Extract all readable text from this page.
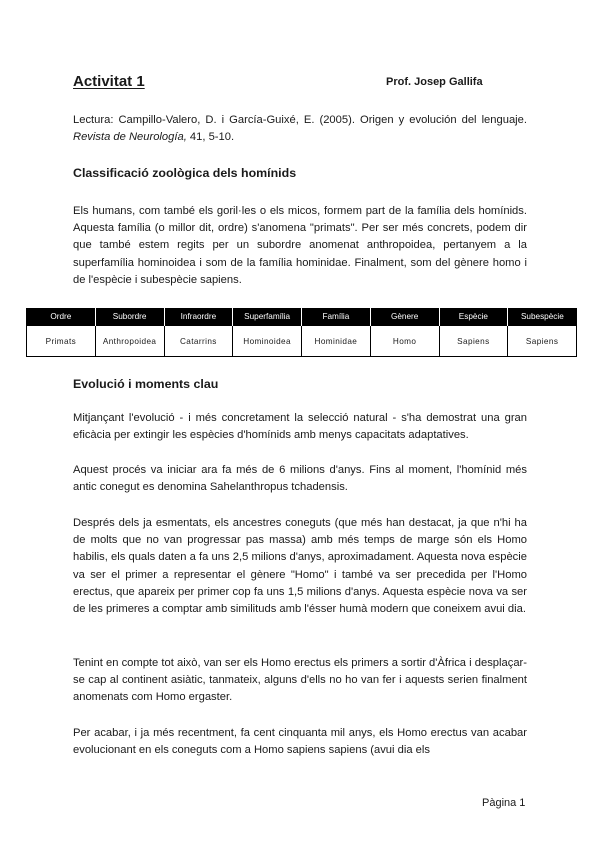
Activitat 1	Prof. Josep Gallifa

Lectura: Campillo-Valero, D. i García-Guixé, E. (2005). Origen y evolución del lenguaje. Revista de Neurología, 41, 5-10.

Classificació zoològica dels homínids

Els humans, com també els goril·les o els micos, formem part de la família dels homínids. Aquesta família (o millor dit, ordre) s'anomena "primats". Per ser més concrets, podem dir que també estem regits per un subordre anomenat anthropoidea, pertanyem a la superfamília hominoidea i som de la família hominidae. Finalment, som del gènere homo i de l'espècie i subespècie sapiens.

Ordre	Subordre	Infraordre	Superfamília	Família	Gènere	Espècie	Subespècie
Primats	Anthropoidea	Catarrins	Hominoidea	Hominidae	Homo	Sapiens	Sapiens
Evolució i moments clau

Mitjançant l'evolució - i més concretament la selecció natural - s'ha demostrat una gran eficàcia per extingir les espècies d'homínids amb menys capacitats adaptatives.

Aquest procés va iniciar ara fa més de 6 milions d'anys. Fins al moment, l'homínid més antic conegut es denomina Sahelanthropus tchadensis.

Després dels ja esmentats, els ancestres coneguts (que més han destacat, ja que n'hi ha de molts que no van progressar pas massa) amb més temps de marge són els Homo habilis, els quals daten a fa uns 2,5 milions d'anys, aproximadament. Aquesta nova espècie va ser el primer a representar el gènere "Homo" i també va ser precedida per l'Homo erectus, que apareix per primer cop fa uns 1,5 milions d'anys. Aquesta espècie nova va ser de les primeres a comptar amb similituds amb l'ésser humà modern que coneixem avui dia.

Tenint en compte tot això, van ser els Homo erectus els primers a sortir d'Àfrica i desplaçar-se cap al continent asiàtic, tanmateix, alguns d'ells no ho van fer i aquests serien finalment anomenats com Homo ergaster.

Per acabar, i ja més recentment, fa cent cinquanta mil anys, els Homo erectus van acabar evolucionant en els coneguts com a Homo sapiens sapiens (avui dia els

Pàgina 1
